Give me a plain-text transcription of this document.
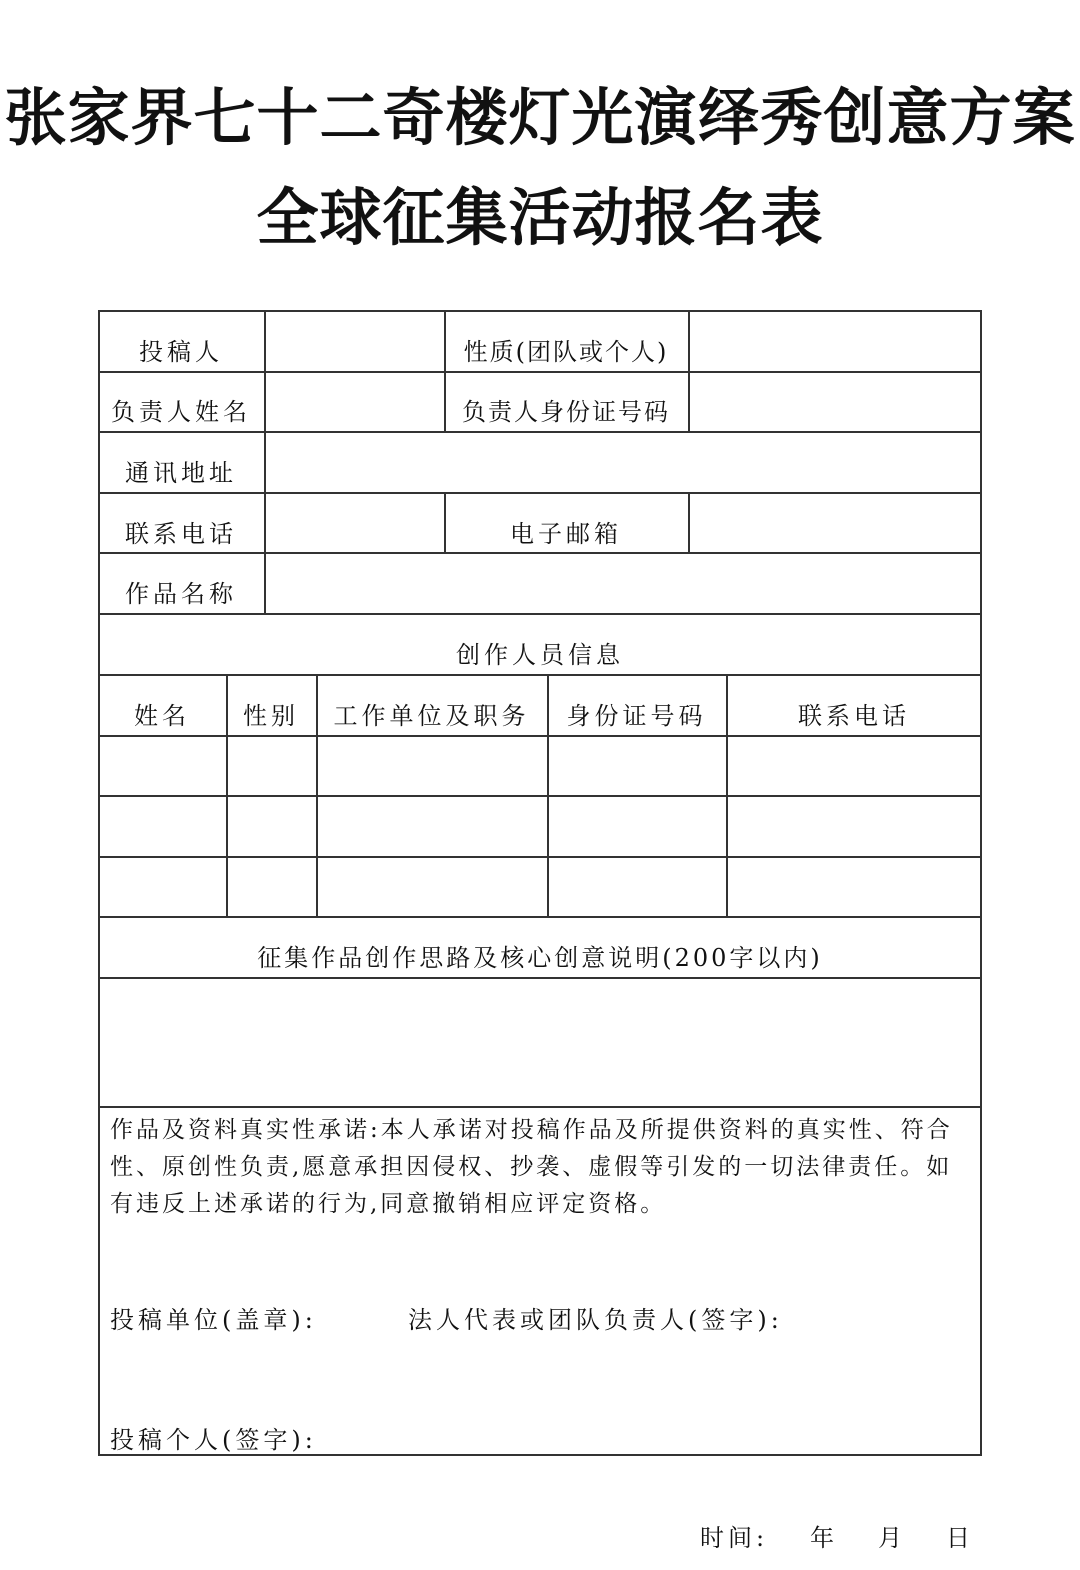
张家界七十二奇楼灯光演绎秀创意方案
全球征集活动报名表
投稿人	性质(团队或个人)
负责人姓名	负责人身份证号码
通讯地址
联系电话	电子邮箱
作品名称
创作人员信息
姓名	性别	工作单位及职务	身份证号码	联系电话
征集作品创作思路及核心创意说明(200字以内)
作品及资料真实性承诺:本人承诺对投稿作品及所提供资料的真实性、符合性、原创性负责,愿意承担因侵权、抄袭、虚假等引发的一切法律责任。如有违反上述承诺的行为,同意撤销相应评定资格。
投稿单位(盖章):	法人代表或团队负责人(签字):
投稿个人(签字):
时间: 年 月 日
